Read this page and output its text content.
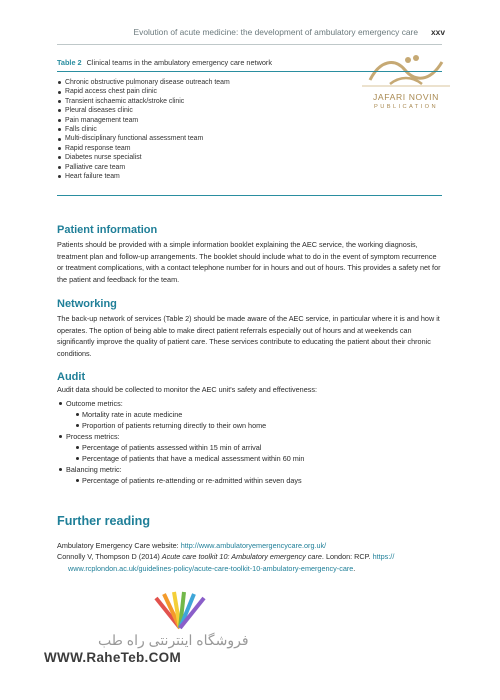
Evolution of acute medicine: the development of ambulatory emergency care xxv
JAFARI NOVIN
PUBLICATION
Table 2 Clinical teams in the ambulatory emergency care network
Chronic obstructive pulmonary disease outreach team
Rapid access chest pain clinic
Transient ischaemic attack/stroke clinic
Pleural diseases clinic
Pain management team
Falls clinic
Multi-disciplinary functional assessment team
Rapid response team
Diabetes nurse specialist
Palliative care team
Heart failure team
Patient information

Patients should be provided with a simple information booklet explaining the AEC service, the working diagnosis, treatment plan and follow-up arrangements. The booklet should include what to do in the event of symptom recurrence or treatment complications, with a contact telephone number for in hours and out of hours. This provides a safety net for the patient and feedback for the team.

Networking

The back-up network of services (Table 2) should be made aware of the AEC service, in particular where it is and how it operates. The option of being able to make direct patient referrals especially out of hours and at weekends can significantly improve the quality of patient care. These services contribute to educating the patient about their chronic conditions.

Audit

Audit data should be collected to monitor the AEC unit's safety and effectiveness:

Outcome metrics:
Mortality rate in acute medicine
Proportion of patients returning directly to their own home
Process metrics:
Percentage of patients assessed within 15 min of arrival
Percentage of patients that have a medical assessment within 60 min
Balancing metric:
Percentage of patients re-attending or re-admitted within seven days
Further reading
Ambulatory Emergency Care website: http://www.ambulatoryemergencycare.org.uk/
Connolly V, Thompson D (2014) Acute care toolkit 10: Ambulatory emergency care. London: RCP. https://
www.rcplondon.ac.uk/guidelines-policy/acute-care-toolkit-10-ambulatory-emergency-care.
فروشگاه اینترنتی راه طب
WWW.RaheTeb.COM
